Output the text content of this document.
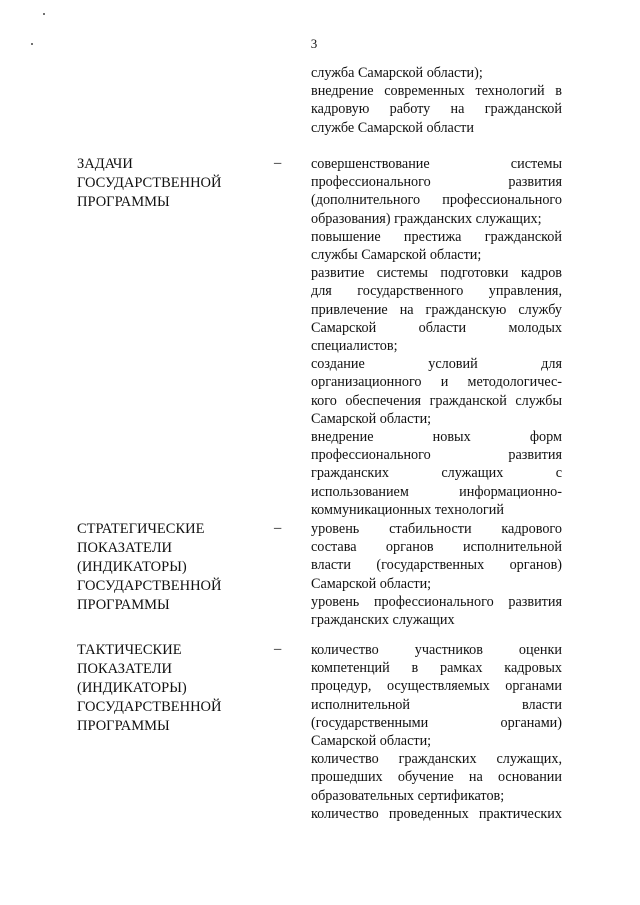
3
служба Самарской области);
внедрение современных технологий в
кадровую работу на гражданской
службе Самарской области
ЗАДАЧИ
ГОСУДАРСТВЕННОЙ
ПРОГРАММЫ
– совершенствование системы
профессионального развития
(дополнительного профессионального
образования) гражданских служащих;
повышение престижа гражданской
службы Самарской области;
развитие системы подготовки кадров
для государственного управления,
привлечение на гражданскую службу
Самарской области молодых
специалистов;
создание условий для
организационного и методологичес-
кого обеспечения гражданской службы
Самарской области;
внедрение новых форм
профессионального развития
гражданских служащих с
использованием информационно-
коммуникационных технологий
СТРАТЕГИЧЕСКИЕ
ПОКАЗАТЕЛИ
(ИНДИКАТОРЫ)
ГОСУДАРСТВЕННОЙ
ПРОГРАММЫ
– уровень стабильности кадрового
состава органов исполнительной
власти (государственных органов)
Самарской области;
уровень профессионального развития
гражданских служащих
ТАКТИЧЕСКИЕ
ПОКАЗАТЕЛИ
(ИНДИКАТОРЫ)
ГОСУДАРСТВЕННОЙ
ПРОГРАММЫ
– количество участников оценки
компетенций в рамках кадровых
процедур, осуществляемых органами
исполнительной власти
(государственными органами)
Самарской области;
количество гражданских служащих,
прошедших обучение на основании
образовательных сертификатов;
количество проведенных практических
